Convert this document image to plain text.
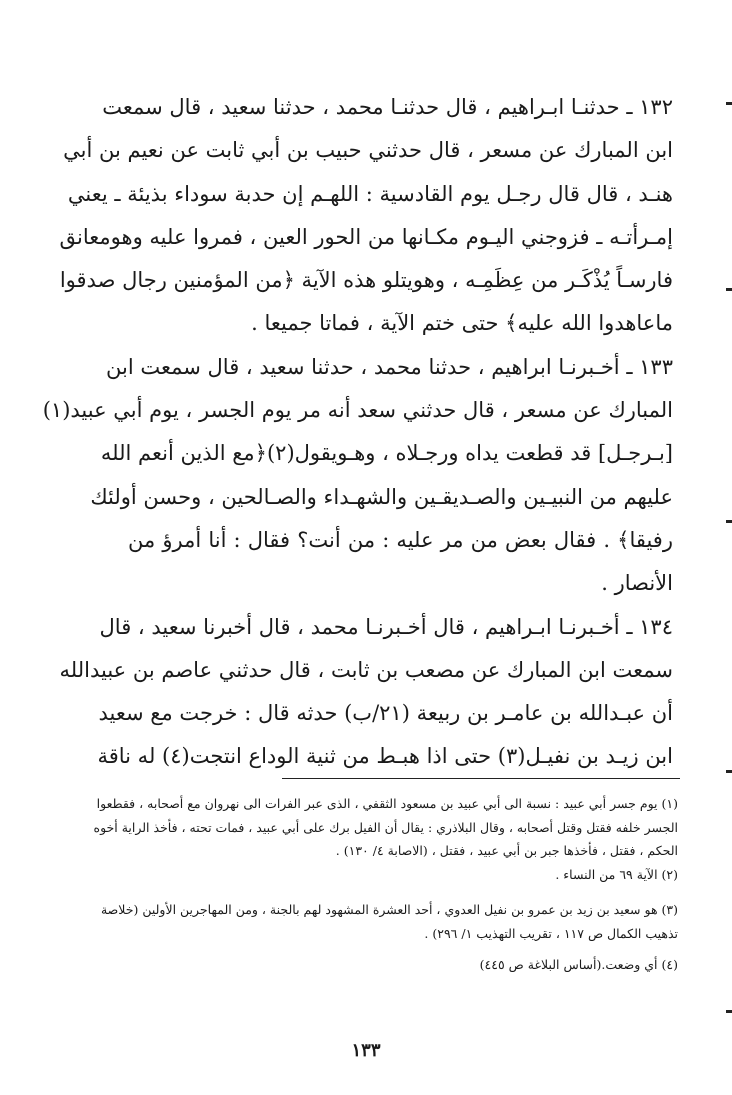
١٣٢ ـ حدثنـا ابـراهيم ، قال حدثنـا محمد ، حدثنا سعيد ، قال سمعت
ابن المبارك عن مسعر ، قال حدثني حبيب بن أبي ثابت عن نعيم بن أبي
هنـد ، قال قال رجـل يوم القادسية : اللهـم إن حدبة سوداء بذيئة ـ يعني
إمـرأتـه ـ فزوجني اليـوم مكـانها من الحور العين ، فمروا عليه وهومعانق
فارسـاً يُذْكَـر من عِظَمِـه ، وهويتلو هذه الآية ﴿من المؤمنين رجال صدقوا
ماعاهدوا الله عليه﴾ حتى ختم الآية ، فماتا جميعا .
١٣٣ ـ أخـبرنـا ابراهيم ، حدثنا محمد ، حدثنا سعيد ، قال سمعت ابن
المبارك عن مسعر ، قال حدثني سعد أنه مر يوم الجسر ، يوم أبي عبيد(١)
[بـرجـل] قد قطعت يداه ورجـلاه ، وهـويقول(٢)﴿مع الذين أنعم الله
عليهم من النبيـين والصـديقـين والشهـداء والصـالحين ، وحسن أولئك
رفيقا﴾ . فقال بعض من مر عليه : من أنت؟ فقال : أنا أمرؤ من
الأنصار .
١٣٤ ـ أخـبرنـا ابـراهيم ، قال أخـبرنـا محمد ، قال أخبرنا سعيد ، قال
سمعت ابن المبارك عن مصعب بن ثابت ، قال حدثني عاصم بن عبيدالله
أن عبـدالله بن عامـر بن ربيعة (٢١/ب) حدثه قال : خرجت مع سعيد
ابن زيـد بن نفيـل(٣) حتى اذا هبـط من ثنية الوداع انتجت(٤) له ناقة
(١) يوم جسر أبي عبيد : نسبة الى أبي عبيد بن مسعود الثقفي ، الذى عبر الفرات الى نهروان مع أصحابه ، فقطعوا
الجسر خلفه فقتل وقتل أصحابه ، وقال البلاذري : يقال أن الفيل برك على أبي عبيد ، فمات تحته ، فأخذ الراية أخوه
الحكم ، فقتل ، فأخذها جبر بن أبي عبيد ، فقتل ، (الاصابة ٤/ ١٣٠) .
(٢) الآية ٦٩ من النساء .
(٣) هو سعيد بن زيد بن عمرو بن نفيل العدوي ، أحد العشرة المشهود لهم بالجنة ، ومن المهاجرين الأولين (خلاصة
تذهيب الكمال ص ١١٧ ، تقريب التهذيب ١/ ٢٩٦) .
(٤) أي وضعت.(أساس البلاغة ص ٤٤٥)
١٣٣
